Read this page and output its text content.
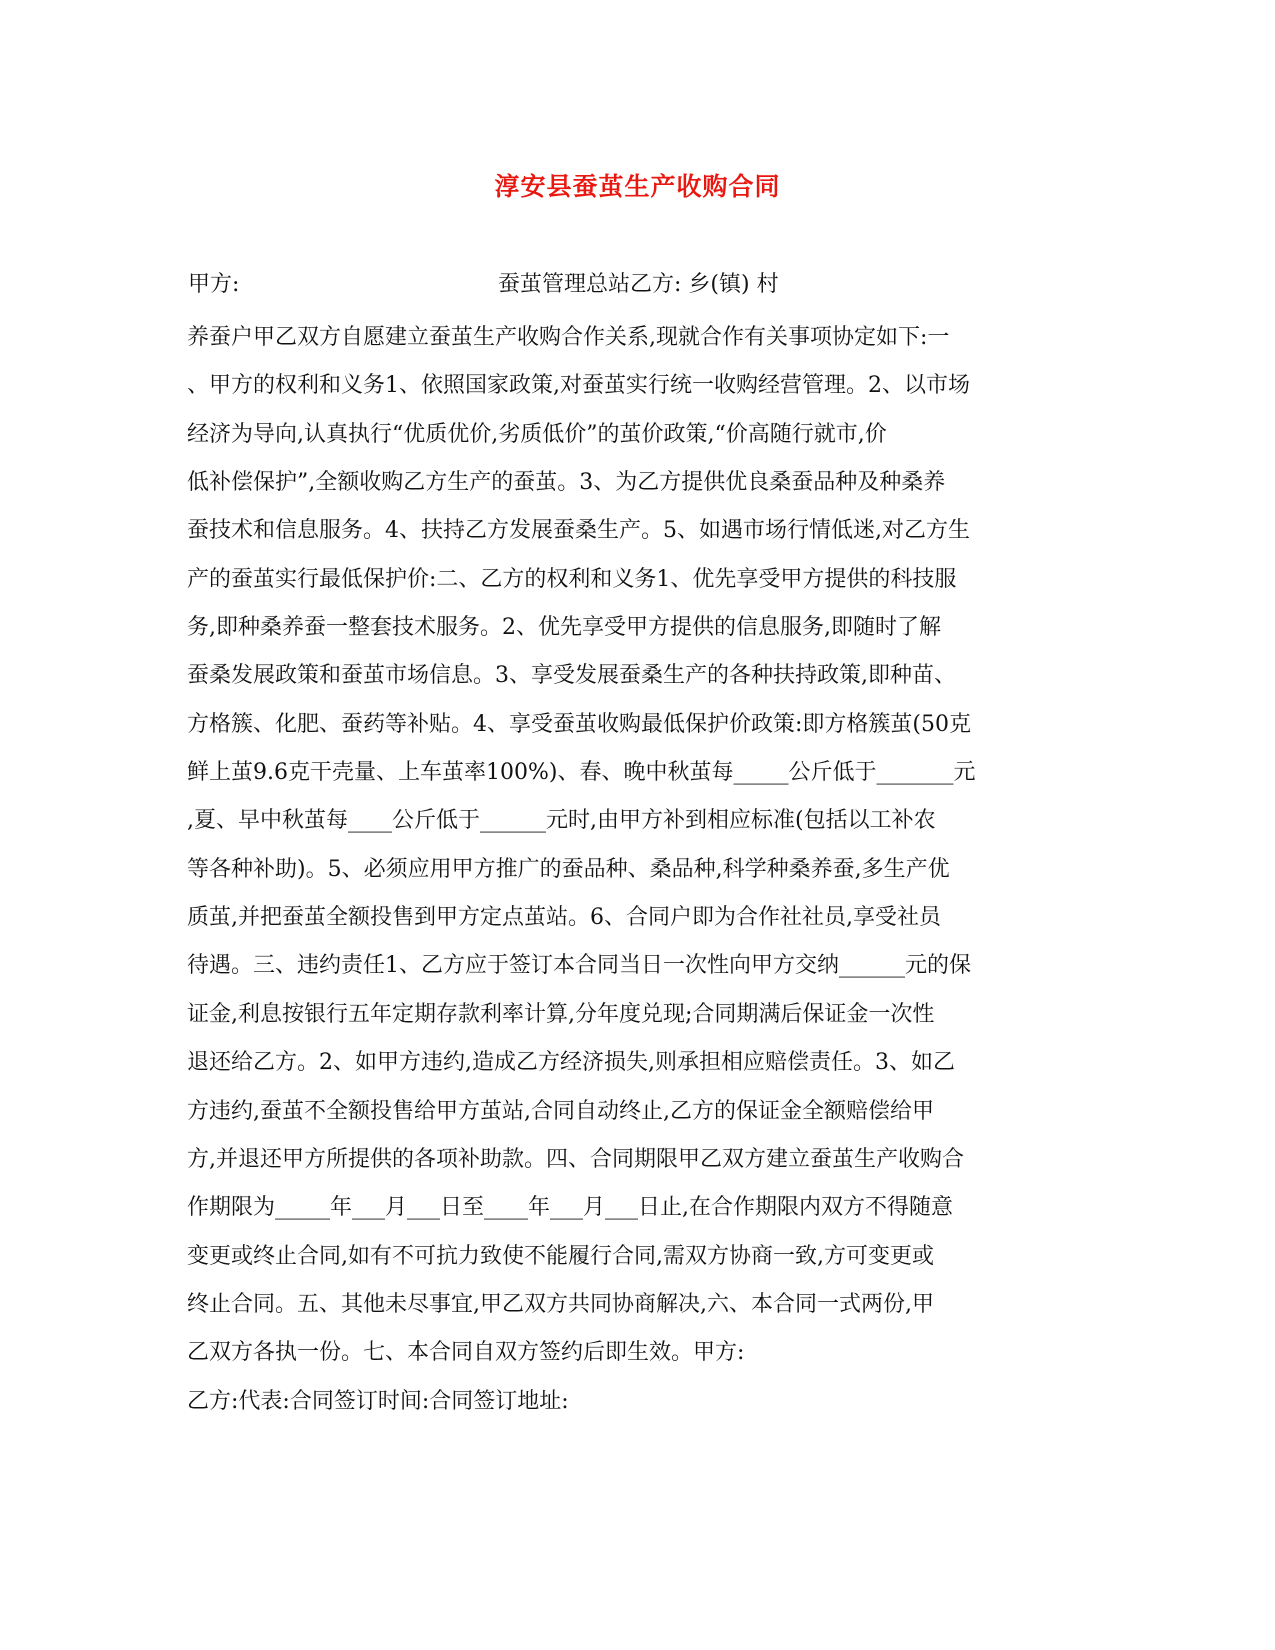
淳安县蚕茧生产收购合同
甲方:	蚕茧管理总站乙方: 乡(镇) 村
养蚕户甲乙双方自愿建立蚕茧生产收购合作关系,现就合作有关事项协定如下:一
、甲方的权利和义务1、依照国家政策,对蚕茧实行统一收购经营管理。2、以市场
经济为导向,认真执行“优质优价,劣质低价”的茧价政策,“价高随行就市,价
低补偿保护”,全额收购乙方生产的蚕茧。3、为乙方提供优良桑蚕品种及种桑养
蚕技术和信息服务。4、扶持乙方发展蚕桑生产。5、如遇市场行情低迷,对乙方生
产的蚕茧实行最低保护价:二、乙方的权利和义务1、优先享受甲方提供的科技服
务,即种桑养蚕一整套技术服务。2、优先享受甲方提供的信息服务,即随时了解
蚕桑发展政策和蚕茧市场信息。3、享受发展蚕桑生产的各种扶持政策,即种苗、
方格簇、化肥、蚕药等补贴。4、享受蚕茧收购最低保护价政策:即方格簇茧(50克
鲜上茧9.6克干壳量、上车茧率100%)、春、晚中秋茧每_____公斤低于_______元
,夏、早中秋茧每____公斤低于______元时,由甲方补到相应标准(包括以工补农
等各种补助)。5、必须应用甲方推广的蚕品种、桑品种,科学种桑养蚕,多生产优
质茧,并把蚕茧全额投售到甲方定点茧站。6、合同户即为合作社社员,享受社员
待遇。三、违约责任1、乙方应于签订本合同当日一次性向甲方交纳______元的保
证金,利息按银行五年定期存款利率计算,分年度兑现;合同期满后保证金一次性
退还给乙方。2、如甲方违约,造成乙方经济损失,则承担相应赔偿责任。3、如乙
方违约,蚕茧不全额投售给甲方茧站,合同自动终止,乙方的保证金全额赔偿给甲
方,并退还甲方所提供的各项补助款。四、合同期限甲乙双方建立蚕茧生产收购合
作期限为_____年___月___日至____年___月___日止,在合作期限内双方不得随意
变更或终止合同,如有不可抗力致使不能履行合同,需双方协商一致,方可变更或
终止合同。五、其他未尽事宜,甲乙双方共同协商解决,六、本合同一式两份,甲
乙双方各执一份。七、本合同自双方签约后即生效。甲方:
乙方:代表:合同签订时间:合同签订地址:
